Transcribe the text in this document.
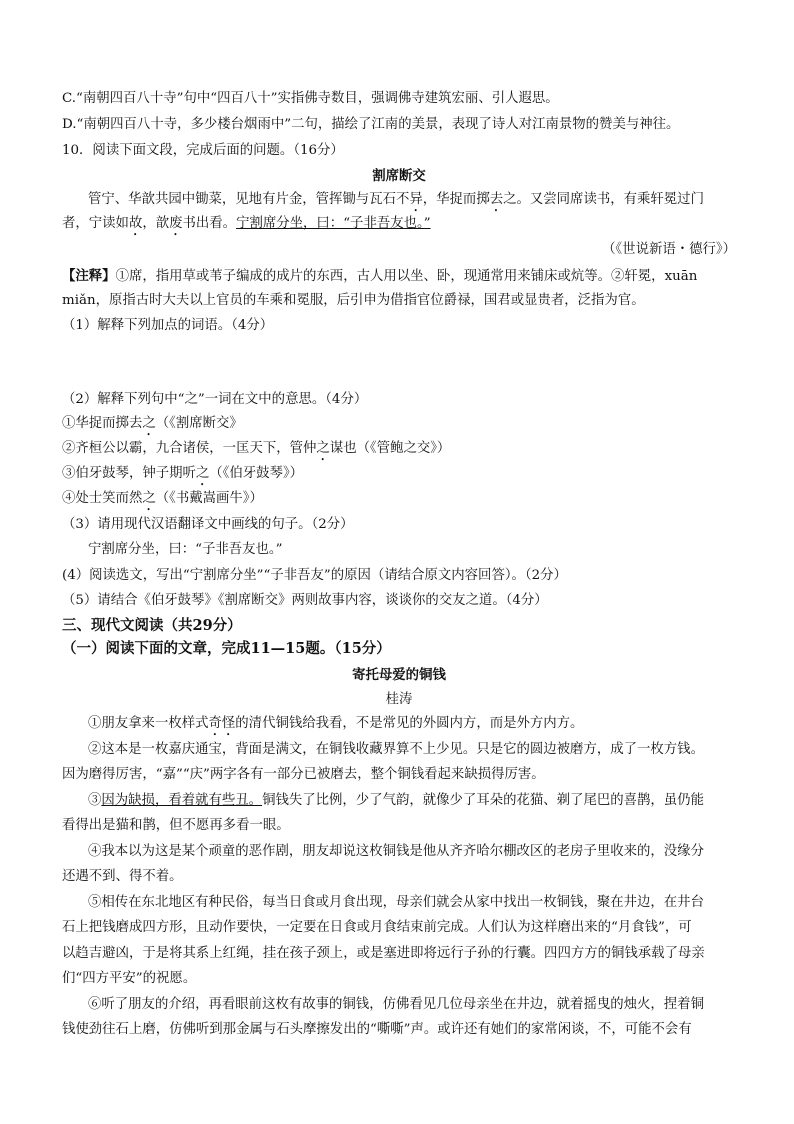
C.“南朝四百八十寺”句中“四百八十”实指佛寺数目，强调佛寺建筑宏丽、引人遐思。
D.“南朝四百八十寺，多少楼台烟雨中”二句，描绘了江南的美景，表现了诗人对江南景物的赞美与神往。
10．阅读下面文段，完成后面的问题。（16分）
割席断交
管宁、华歆共园中锄菜，见地有片金，管挥锄与瓦石不异，华捉而掷去之。又尝同席读书，有乘轩冕过门
者，宁读如故，歆废书出看。宁割席分坐，曰：“子非吾友也。”
（《世说新语・德行》）
【注释】①席，指用草或苇子编成的成片的东西，古人用以坐、卧，现通常用来铺床或炕等。②轩冕，xuān
miǎn，原指古时大夫以上官员的车乘和冕服，后引申为借指官位爵禄，国君或显贵者，泛指为官。
（1）解释下列加点的词语。（4分）
（2）解释下列句中“之”一词在文中的意思。（4分）
①华捉而掷去之（《割席断交》
②齐桓公以霸，九合诸侯，一匡天下，管仲之谋也（《管鲍之交》）
③伯牙鼓琴，钟子期听之（《伯牙鼓琴》）
④处士笑而然之（《书戴嵩画牛》）
（3）请用现代汉语翻译文中画线的句子。（2分）
宁割席分坐，曰：“子非吾友也。”
(4）阅读选文，写出“宁割席分坐”“子非吾友”的原因（请结合原文内容回答）。（2分）
（5）请结合《伯牙鼓琴》《割席断交》两则故事内容，谈谈你的交友之道。（4分）
三、现代文阅读（共29分）
（一）阅读下面的文章，完成11—15题。（15分）
寄托母爱的铜钱
桂涛
①朋友拿来一枚样式奇怪的清代铜钱给我看，不是常见的外圆内方，而是外方内方。
②这本是一枚嘉庆通宝，背面是满文，在铜钱收藏界算不上少见。只是它的圆边被磨方，成了一枚方钱。
因为磨得厉害，“嘉”“庆”两字各有一部分已被磨去，整个铜钱看起来缺损得厉害。
③因为缺损，看着就有些丑。铜钱失了比例，少了气韵，就像少了耳朵的花猫、剃了尾巴的喜鹊，虽仍能
看得出是猫和鹊，但不愿再多看一眼。
④我本以为这是某个顽童的恶作剧，朋友却说这枚铜钱是他从齐齐哈尔棚改区的老房子里收来的，没缘分
还遇不到、得不着。
⑤相传在东北地区有种民俗，每当日食或月食出现，母亲们就会从家中找出一枚铜钱，聚在井边，在井台
石上把钱磨成四方形，且动作要快，一定要在日食或月食结束前完成。人们认为这样磨出来的“月食钱”，可
以趋吉避凶，于是将其系上红绳，挂在孩子颈上，或是塞进即将远行子孙的行囊。四四方方的铜钱承载了母亲
们“四方平安”的祝愿。
⑥听了朋友的介绍，再看眼前这枚有故事的铜钱，仿佛看见几位母亲坐在井边，就着摇曳的烛火，捏着铜
钱使劲往石上磨，仿佛听到那金属与石头摩擦发出的“嘶嘶”声。或许还有她们的家常闲谈，不，可能不会有
